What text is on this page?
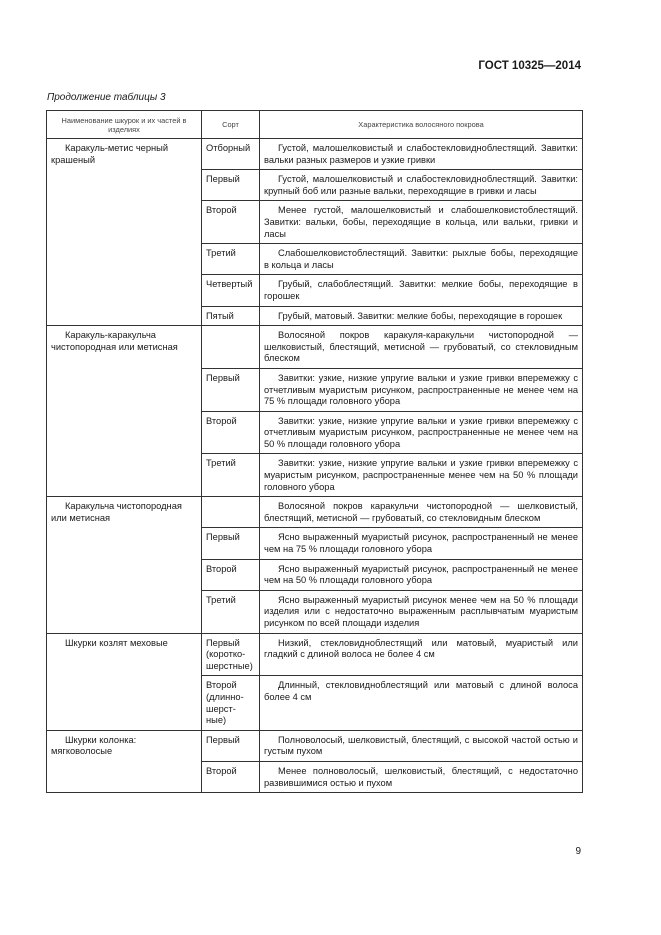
ГОСТ 10325—2014
Продолжение таблицы 3
Наименование шкурок и их частей в изделиях	Сорт	Характеристика волосяного покрова
Каракуль-метис черный крашеный	Отборный	Густой, малошелковистый и слабостекловидноблестящий. Завитки: вальки разных размеров и узкие гривки
	Первый	Густой, малошелковистый и слабостекловидноблестящий. Завитки: крупный боб или разные вальки, переходящие в гривки и ласы
	Второй	Менее густой, малошелковистый и слабошелковистоблестящий. Завитки: вальки, бобы, переходящие в кольца, или вальки, гривки и ласы
	Третий	Слабошелковистоблестящий. Завитки: рыхлые бобы, переходящие в кольца и ласы
	Четвертый	Грубый, слабоблестящий. Завитки: мелкие бобы, переходящие в горошек
	Пятый	Грубый, матовый. Завитки: мелкие бобы, переходящие в горошек
Каракуль-каракульча чистопородная или метисная		Волосяной покров каракуля-каракульчи чистопородной — шелковистый, блестящий, метисной — грубоватый, со стекловидным блеском
	Первый	Завитки: узкие, низкие упругие вальки и узкие гривки вперемежку с отчетливым муаристым рисунком, распространенные не менее чем на 75 % площади головного убора
	Второй	Завитки: узкие, низкие упругие вальки и узкие гривки вперемежку с отчетливым муаристым рисунком, распространенные не менее чем на 50 % площади головного убора
	Третий	Завитки: узкие, низкие упругие вальки и узкие гривки вперемежку с муаристым рисунком, распространенные менее чем на 50 % площади головного убора
Каракульча чистопородная или метисная		Волосяной покров каракульчи чистопородной — шелковистый, блестящий, метисной — грубоватый, со стекловидным блеском
	Первый	Ясно выраженный муаристый рисунок, распространенный не менее чем на 75 % площади головного убора
	Второй	Ясно выраженный муаристый рисунок, распространенный не менее чем на 50 % площади головного убора
	Третий	Ясно выраженный муаристый рисунок менее чем на 50 % площади изделия или с недостаточно выраженным расплывчатым муаристым рисунком по всей площади изделия
Шкурки козлят меховые	Первый (коротко-шерстные)	Низкий, стекловидноблестящий или матовый, муаристый или гладкий с длиной волоса не более 4 см
	Второй (длинно-шерст-ные)	Длинный, стекловидноблестящий или матовый с длиной волоса более 4 см
Шкурки колонка: мягковолосые	Первый	Полноволосый, шелковистый, блестящий, с высокой частой остью и густым пухом
	Второй	Менее полноволосый, шелковистый, блестящий, с недостаточно развившимися остью и пухом
9
